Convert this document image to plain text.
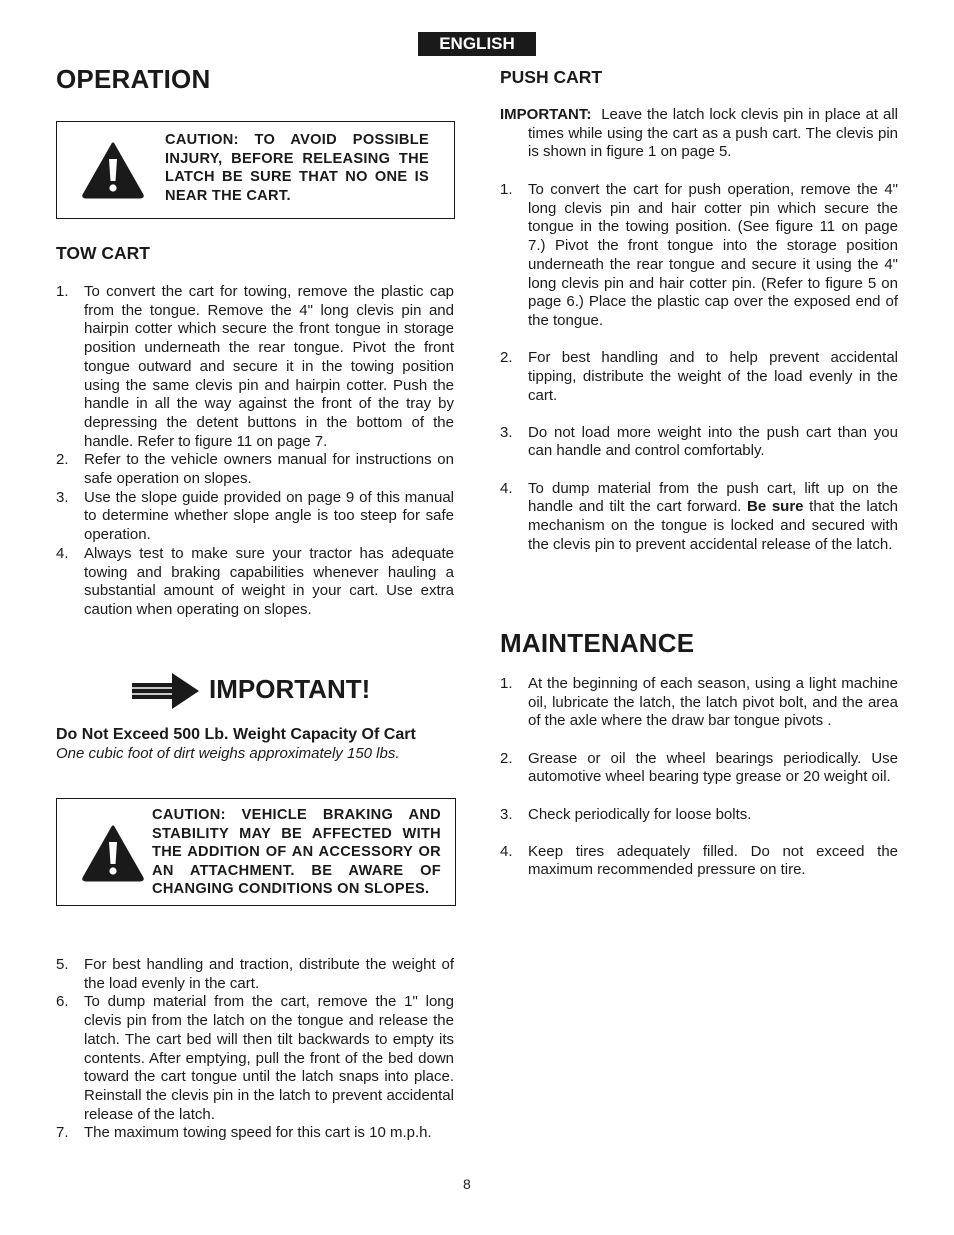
ENGLISH
OPERATION
CAUTION: TO AVOID POSSIBLE INJURY, BEFORE RELEASING THE LATCH BE SURE THAT NO ONE IS NEAR THE CART.
TOW CART
1. To convert the cart for towing, remove the plastic cap from the tongue. Remove the 4" long clevis pin and hairpin cotter which secure the front tongue in storage position underneath the rear tongue. Pivot the front tongue outward and secure it in the towing position using the same clevis pin and hairpin cotter. Push the handle in all the way against the front of the tray by depressing the detent buttons in the bottom of the handle. Refer to figure 11 on page 7.
2. Refer to the vehicle owners manual for instructions on safe operation on slopes.
3. Use the slope guide provided on page 9 of this manual to determine whether slope angle is too steep for safe operation.
4. Always test to make sure your tractor has adequate towing and braking capabilities whenever hauling a substantial amount of weight in your cart. Use extra caution when operating on slopes.
IMPORTANT!
Do Not Exceed 500 Lb. Weight Capacity Of Cart
One cubic foot of dirt weighs approximately 150 lbs.
CAUTION: VEHICLE BRAKING AND STABILITY MAY BE AFFECTED WITH THE ADDITION OF AN ACCESSORY OR AN ATTACHMENT. BE AWARE OF CHANGING CONDITIONS ON SLOPES.
5. For best handling and traction, distribute the weight of the load evenly in the cart.
6. To dump material from the cart, remove the 1" long clevis pin from the latch on the tongue and release the latch. The cart bed will then tilt backwards to empty its contents. After emptying, pull the front of the bed down toward the cart tongue until the latch snaps into place. Reinstall the clevis pin in the latch to prevent accidental release of the latch.
7. The maximum towing speed for this cart is 10 m.p.h.
PUSH CART
IMPORTANT: Leave the latch lock clevis pin in place at all times while using the cart as a push cart. The clevis pin is shown in figure 1 on page 5.
1. To convert the cart for push operation, remove the 4" long clevis pin and hair cotter pin which secure the tongue in the towing position. (See figure 11 on page 7.) Pivot the front tongue into the storage position underneath the rear tongue and secure it using the 4" long clevis pin and hair cotter pin. (Refer to figure 5 on page 6.) Place the plastic cap over the exposed end of the tongue.
2. For best handling and to help prevent accidental tipping, distribute the weight of the load evenly in the cart.
3. Do not load more weight into the push cart than you can handle and control comfortably.
4. To dump material from the push cart, lift up on the handle and tilt the cart forward. Be sure that the latch mechanism on the tongue is locked and secured with the clevis pin to prevent accidental release of the latch.
MAINTENANCE
1. At the beginning of each season, using a light machine oil, lubricate the latch, the latch pivot bolt, and the area of the axle where the draw bar tongue pivots .
2. Grease or oil the wheel bearings periodically. Use automotive wheel bearing type grease or 20 weight oil.
3. Check periodically for loose bolts.
4. Keep tires adequately filled. Do not exceed the maximum recommended pressure on tire.
8
